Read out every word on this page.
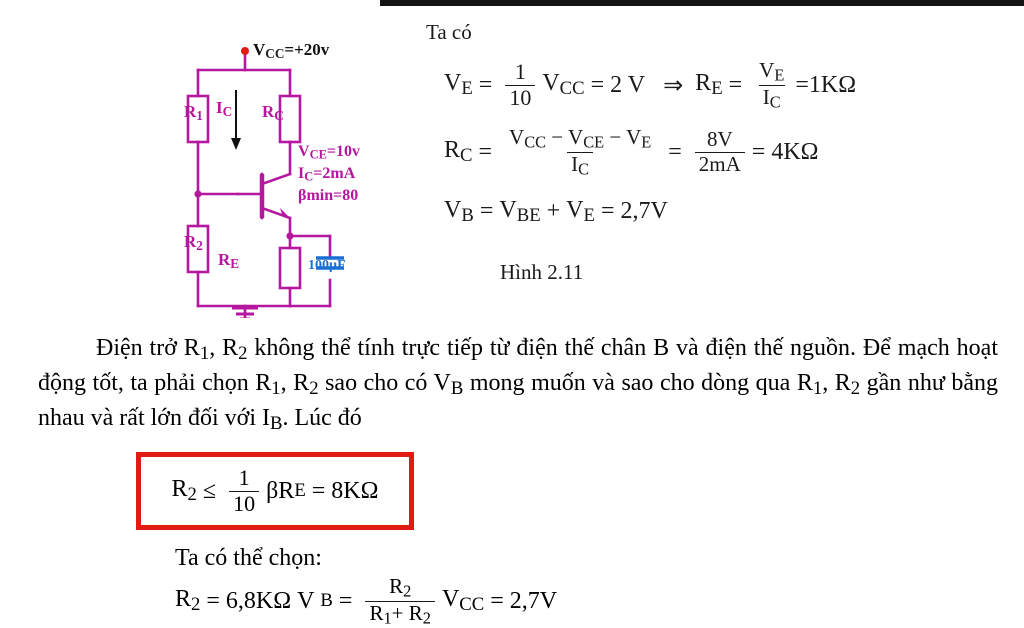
$V_{CC}=+20v$
$R_1$ $I_C$ $R_C$
$V_{CE}=10v$
$I_C=2mA$
βmin=80
$R_2$
$R_E$	100µF
Ta có
$V_E = \frac{1}{10} V_{CC} = 2$ V ⇒ $R_E = \frac{V_E}{I_C} =1K\Omega$
$R_C = \frac{V_{CC} - V_{CE} - V_E}{I_C} = \frac{8V}{2mA} = 4K\Omega$
$V_B = V_{BE} + V_E = 2,7V$
Hình 2.11
Điện trở $R_1$, $R_2$ không thể tính trực tiếp từ điện thế chân B và điện thế nguồn. Để mạch hoạt động tốt, ta phải chọn $R_1$, $R_2$ sao cho có $V_B$ mong muốn và sao cho dòng qua $R_1$, $R_2$ gần như bằng nhau và rất lớn đối với $I_B$. Lúc đó
$R_2 \le \frac{1}{10}$ β R E = 8KΩ
Ta có thể chọn:
$R_2 = 6,8K\Omega$ V $B = \frac{R_2}{R_1+ R_2} V_{CC} = 2,7V$
